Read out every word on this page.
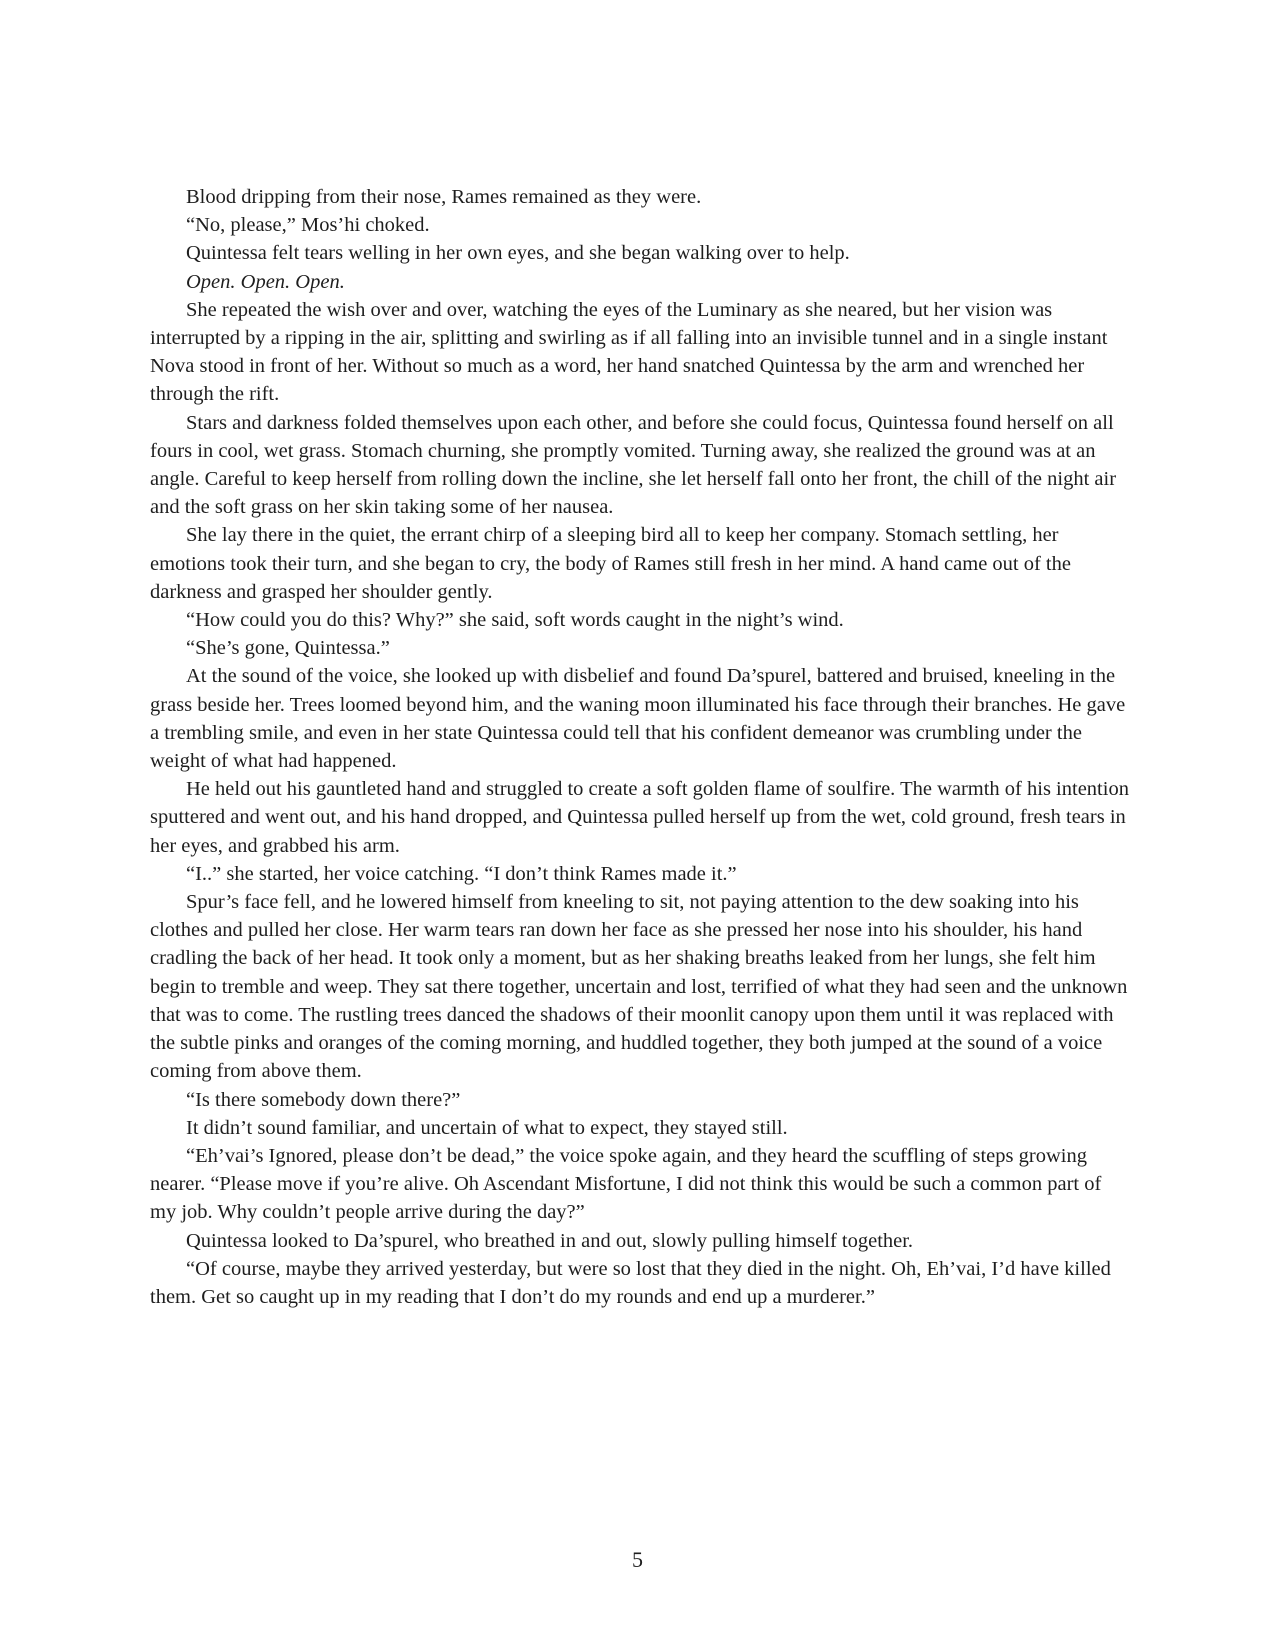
Blood dripping from their nose, Rames remained as they were.

“No, please,” Mos’hi choked.

Quintessa felt tears welling in her own eyes, and she began walking over to help.

Open. Open. Open.

She repeated the wish over and over, watching the eyes of the Luminary as she neared, but her vision was interrupted by a ripping in the air, splitting and swirling as if all falling into an invisible tunnel and in a single instant Nova stood in front of her. Without so much as a word, her hand snatched Quintessa by the arm and wrenched her through the rift.

Stars and darkness folded themselves upon each other, and before she could focus, Quintessa found herself on all fours in cool, wet grass. Stomach churning, she promptly vomited. Turning away, she realized the ground was at an angle. Careful to keep herself from rolling down the incline, she let herself fall onto her front, the chill of the night air and the soft grass on her skin taking some of her nausea.

She lay there in the quiet, the errant chirp of a sleeping bird all to keep her company. Stomach settling, her emotions took their turn, and she began to cry, the body of Rames still fresh in her mind. A hand came out of the darkness and grasped her shoulder gently.

“How could you do this? Why?” she said, soft words caught in the night’s wind.

“She’s gone, Quintessa.”

At the sound of the voice, she looked up with disbelief and found Da’spurel, battered and bruised, kneeling in the grass beside her. Trees loomed beyond him, and the waning moon illuminated his face through their branches. He gave a trembling smile, and even in her state Quintessa could tell that his confident demeanor was crumbling under the weight of what had happened.

He held out his gauntleted hand and struggled to create a soft golden flame of soulfire. The warmth of his intention sputtered and went out, and his hand dropped, and Quintessa pulled herself up from the wet, cold ground, fresh tears in her eyes, and grabbed his arm.

“I..” she started, her voice catching. “I don’t think Rames made it.”

Spur’s face fell, and he lowered himself from kneeling to sit, not paying attention to the dew soaking into his clothes and pulled her close. Her warm tears ran down her face as she pressed her nose into his shoulder, his hand cradling the back of her head. It took only a moment, but as her shaking breaths leaked from her lungs, she felt him begin to tremble and weep. They sat there together, uncertain and lost, terrified of what they had seen and the unknown that was to come. The rustling trees danced the shadows of their moonlit canopy upon them until it was replaced with the subtle pinks and oranges of the coming morning, and huddled together, they both jumped at the sound of a voice coming from above them.

“Is there somebody down there?”

It didn’t sound familiar, and uncertain of what to expect, they stayed still.

“Eh’vai’s Ignored, please don’t be dead,” the voice spoke again, and they heard the scuffling of steps growing nearer. “Please move if you’re alive. Oh Ascendant Misfortune, I did not think this would be such a common part of my job. Why couldn’t people arrive during the day?”

Quintessa looked to Da’spurel, who breathed in and out, slowly pulling himself together.

“Of course, maybe they arrived yesterday, but were so lost that they died in the night. Oh, Eh’vai, I’d have killed them. Get so caught up in my reading that I don’t do my rounds and end up a murderer.”

5
